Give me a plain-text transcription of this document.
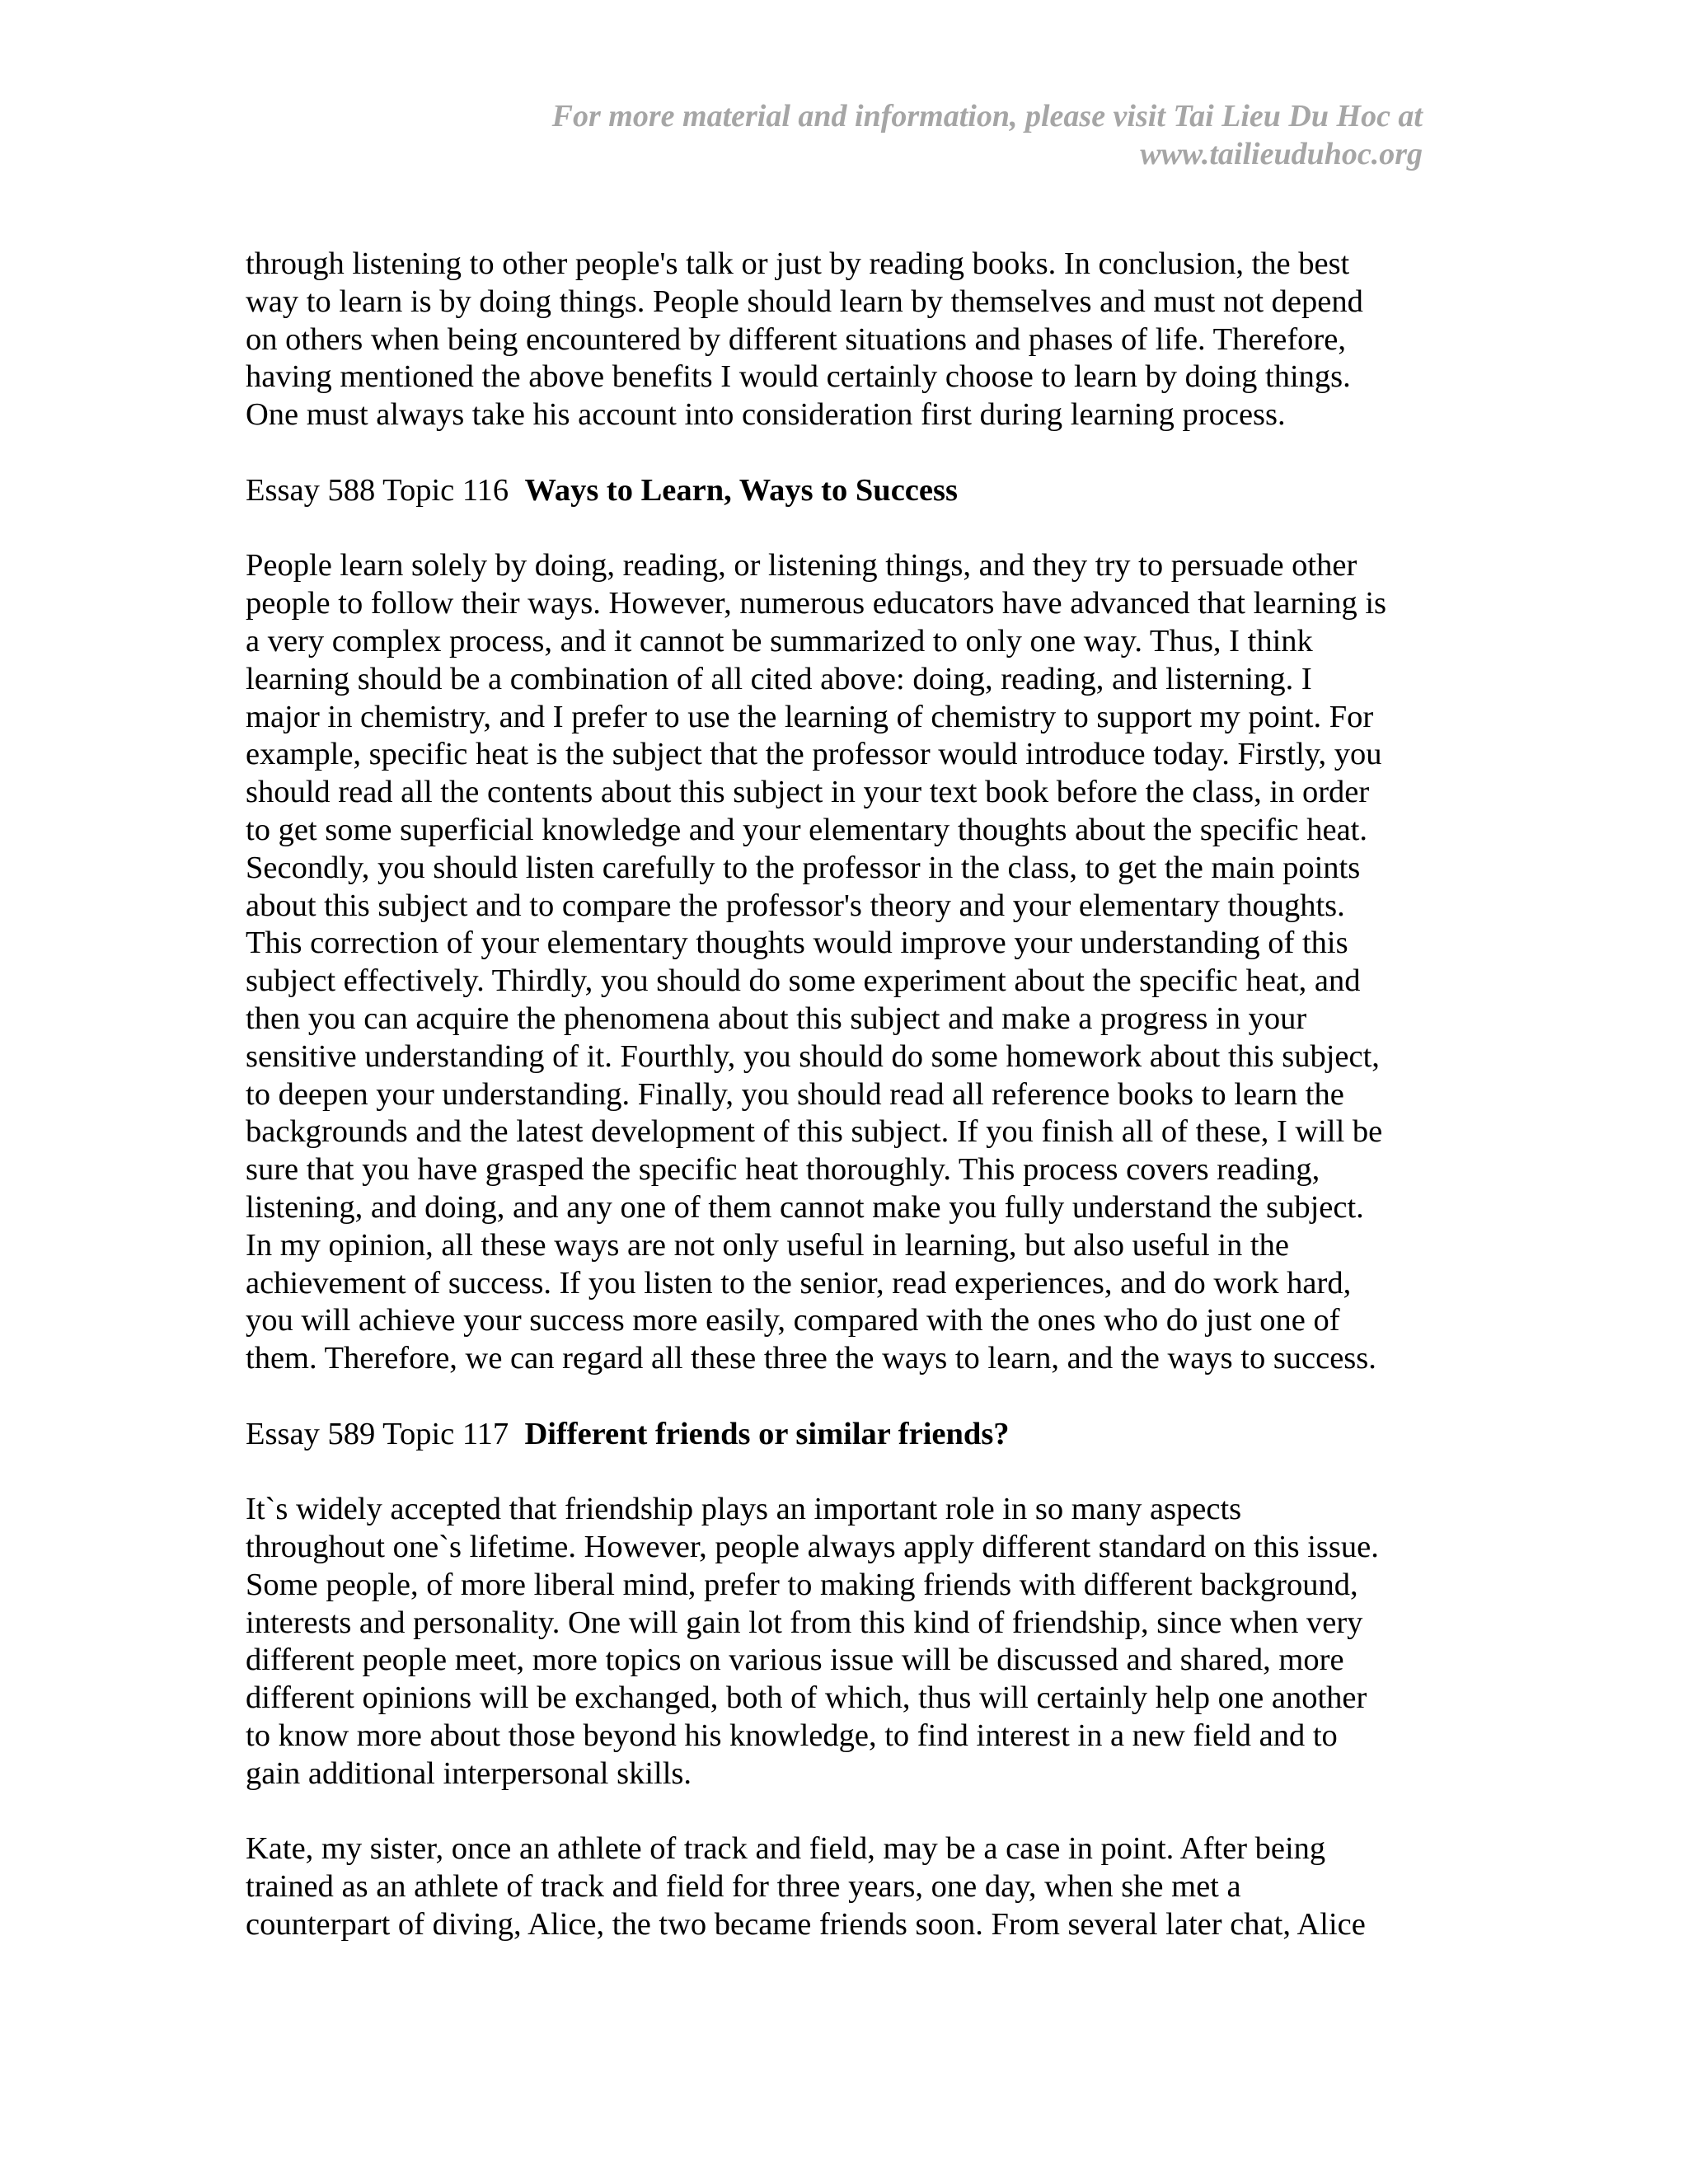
For more material and information, please visit Tai Lieu Du Hoc at
www.tailieuduhoc.org
through listening to other people's talk or just by reading books. In conclusion, the best
way to learn is by doing things. People should learn by themselves and must not depend
on others when being encountered by different situations and phases of life. Therefore,
having mentioned the above benefits I would certainly choose to learn by doing things.
One must always take his account into consideration first during learning process.
Essay 588 Topic 116 Ways to Learn, Ways to Success
People learn solely by doing, reading, or listening things, and they try to persuade other
people to follow their ways. However, numerous educators have advanced that learning is
a very complex process, and it cannot be summarized to only one way. Thus, I think
learning should be a combination of all cited above: doing, reading, and listerning. I
major in chemistry, and I prefer to use the learning of chemistry to support my point. For
example, specific heat is the subject that the professor would introduce today. Firstly, you
should read all the contents about this subject in your text book before the class, in order
to get some superficial knowledge and your elementary thoughts about the specific heat.
Secondly, you should listen carefully to the professor in the class, to get the main points
about this subject and to compare the professor's theory and your elementary thoughts.
This correction of your elementary thoughts would improve your understanding of this
subject effectively. Thirdly, you should do some experiment about the specific heat, and
then you can acquire the phenomena about this subject and make a progress in your
sensitive understanding of it. Fourthly, you should do some homework about this subject,
to deepen your understanding. Finally, you should read all reference books to learn the
backgrounds and the latest development of this subject. If you finish all of these, I will be
sure that you have grasped the specific heat thoroughly. This process covers reading,
listening, and doing, and any one of them cannot make you fully understand the subject.
In my opinion, all these ways are not only useful in learning, but also useful in the
achievement of success. If you listen to the senior, read experiences, and do work hard,
you will achieve your success more easily, compared with the ones who do just one of
them. Therefore, we can regard all these three the ways to learn, and the ways to success.
Essay 589 Topic 117 Different friends or similar friends?
It`s widely accepted that friendship plays an important role in so many aspects
throughout one`s lifetime. However, people always apply different standard on this issue.
Some people, of more liberal mind, prefer to making friends with different background,
interests and personality. One will gain lot from this kind of friendship, since when very
different people meet, more topics on various issue will be discussed and shared, more
different opinions will be exchanged, both of which, thus will certainly help one another
to know more about those beyond his knowledge, to find interest in a new field and to
gain additional interpersonal skills.
Kate, my sister, once an athlete of track and field, may be a case in point. After being
trained as an athlete of track and field for three years, one day, when she met a
counterpart of diving, Alice, the two became friends soon. From several later chat, Alice
